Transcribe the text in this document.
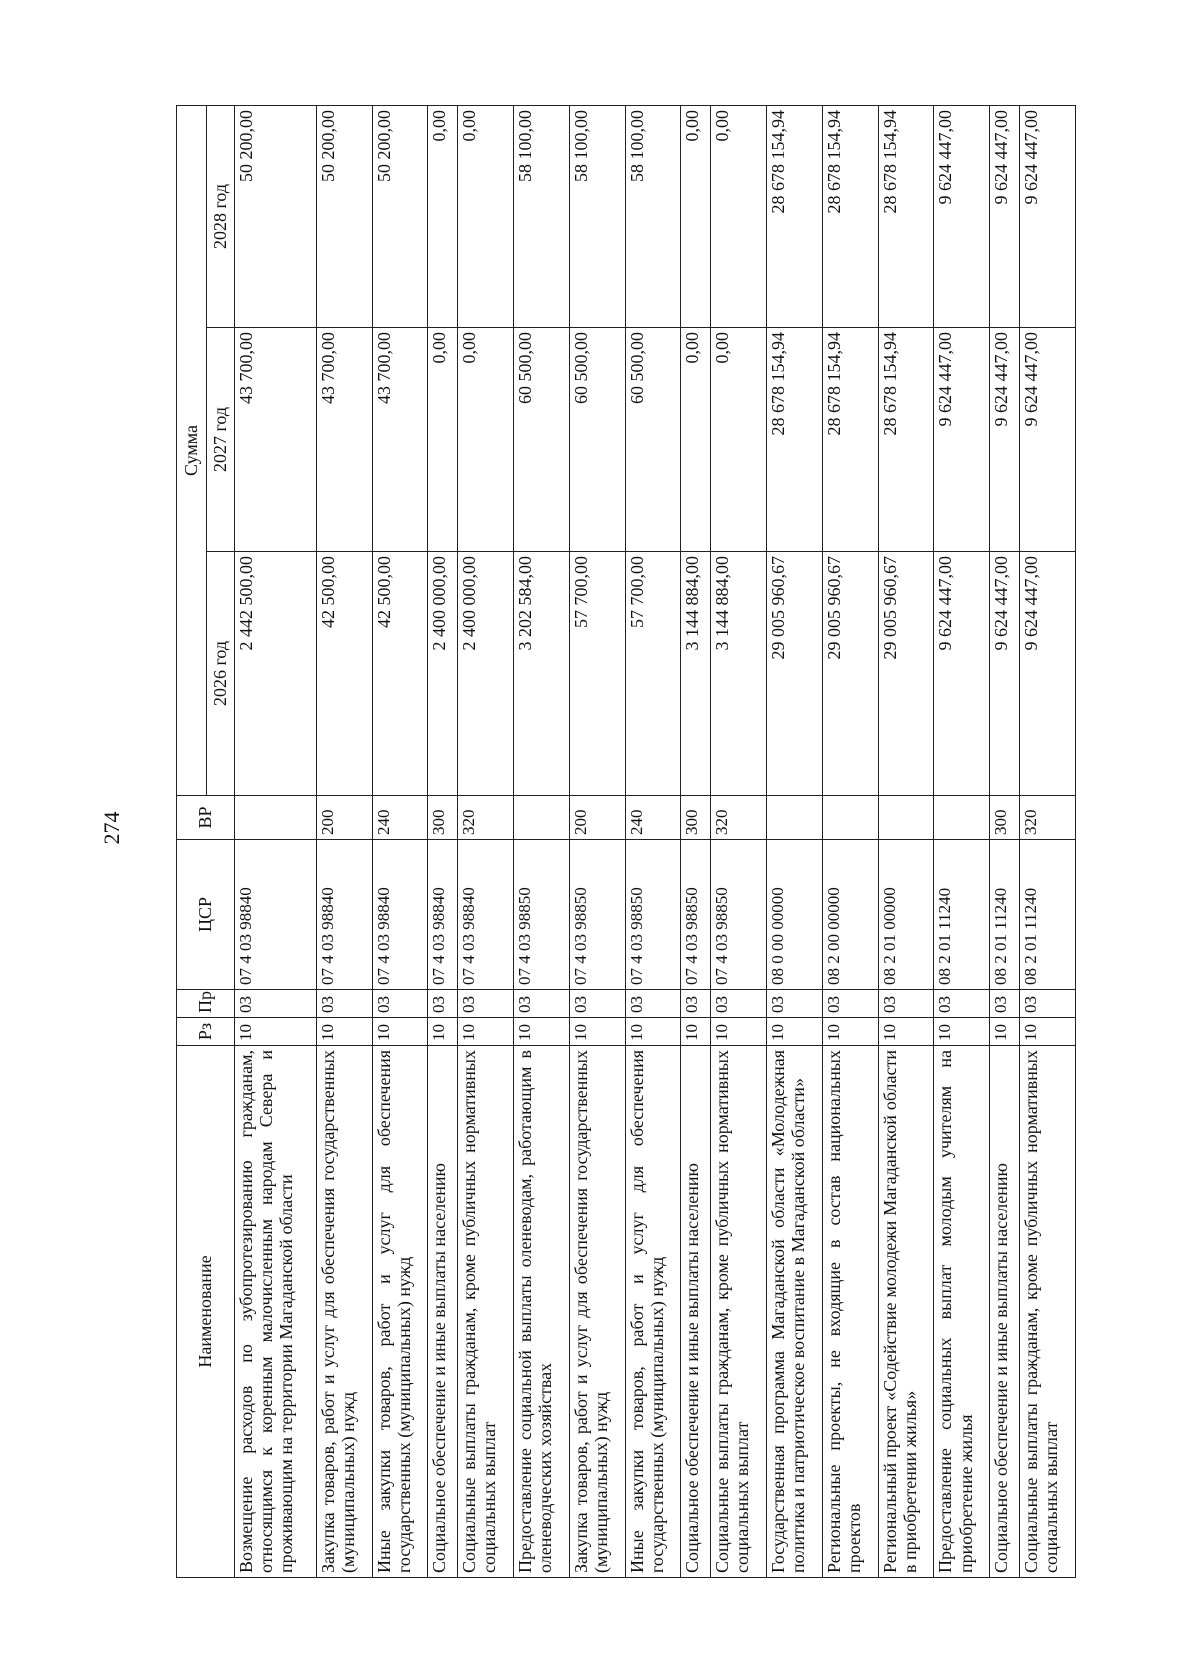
274
Наименование	Рз	Пр	ЦСР	ВР	Сумма		
					2026 год	2027 год	2028 год
Возмещение расходов по зубопротезированию гражданам, относящимся к коренным малочисленным народам Севера и проживающим на территории Магаданской области	10	03	07 4 03 98840		2 442 500,00	43 700,00	50 200,00
Закупка товаров, работ и услуг для обеспечения государственных (муниципальных) нужд	10	03	07 4 03 98840	200	42 500,00	43 700,00	50 200,00
Иные закупки товаров, работ и услуг для обеспечения государственных (муниципальных) нужд	10	03	07 4 03 98840	240	42 500,00	43 700,00	50 200,00
Социальное обеспечение и иные выплаты населению	10	03	07 4 03 98840	300	2 400 000,00	0,00	0,00
Социальные выплаты гражданам, кроме публичных нормативных социальных выплат	10	03	07 4 03 98840	320	2 400 000,00	0,00	0,00
Предоставление социальной выплаты оленеводам, работающим в оленеводческих хозяйствах	10	03	07 4 03 98850		3 202 584,00	60 500,00	58 100,00
Закупка товаров, работ и услуг для обеспечения государственных (муниципальных) нужд	10	03	07 4 03 98850	200	57 700,00	60 500,00	58 100,00
Иные закупки товаров, работ и услуг для обеспечения государственных (муниципальных) нужд	10	03	07 4 03 98850	240	57 700,00	60 500,00	58 100,00
Социальное обеспечение и иные выплаты населению	10	03	07 4 03 98850	300	3 144 884,00	0,00	0,00
Социальные выплаты гражданам, кроме публичных нормативных социальных выплат	10	03	07 4 03 98850	320	3 144 884,00	0,00	0,00
Государственная программа Магаданской области «Молодежная политика и патриотическое воспитание в Магаданской области»	10	03	08 0 00 00000		29 005 960,67	28 678 154,94	28 678 154,94
Региональные проекты, не входящие в состав национальных проектов	10	03	08 2 00 00000		29 005 960,67	28 678 154,94	28 678 154,94
Региональный проект «Содействие молодежи Магаданской области в приобретении жилья»	10	03	08 2 01 00000		29 005 960,67	28 678 154,94	28 678 154,94
Предоставление социальных выплат молодым учителям на приобретение жилья	10	03	08 2 01 11240		9 624 447,00	9 624 447,00	9 624 447,00
Социальное обеспечение и иные выплаты населению	10	03	08 2 01 11240	300	9 624 447,00	9 624 447,00	9 624 447,00
Социальные выплаты гражданам, кроме публичных нормативных социальных выплат	10	03	08 2 01 11240	320	9 624 447,00	9 624 447,00	9 624 447,00
